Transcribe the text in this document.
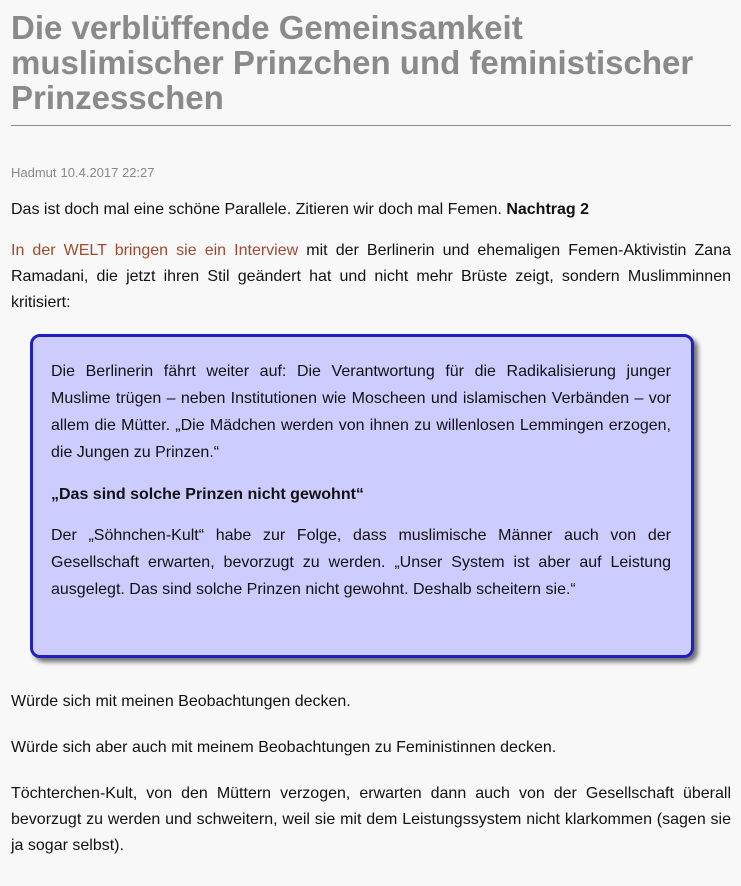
Die verblüffende Gemeinsamkeit muslimischer Prinzchen und feministischer Prinzesschen
Hadmut 10.4.2017 22:27

Das ist doch mal eine schöne Parallele. Zitieren wir doch mal Femen. Nachtrag 2

In der WELT bringen sie ein Interview mit der Berlinerin und ehemaligen Femen-Aktivistin Zana Ramadani, die jetzt ihren Stil geändert hat und nicht mehr Brüste zeigt, sondern Muslimminnen kritisiert:

Die Berlinerin fährt weiter auf: Die Verantwortung für die Radikalisierung junger Muslime trügen – neben Institutionen wie Moscheen und islamischen Verbänden – vor allem die Mütter. „Die Mädchen werden von ihnen zu willenlosen Lemmingen erzogen, die Jungen zu Prinzen.“

„Das sind solche Prinzen nicht gewohnt“

Der „Söhnchen-Kult“ habe zur Folge, dass muslimische Männer auch von der Gesellschaft erwarten, bevorzugt zu werden. „Unser System ist aber auf Leistung ausgelegt. Das sind solche Prinzen nicht gewohnt. Deshalb scheitern sie.“

Würde sich mit meinen Beobachtungen decken.

Würde sich aber auch mit meinem Beobachtungen zu Feministinnen decken.

Töchterchen-Kult, von den Müttern verzogen, erwarten dann auch von der Gesellschaft überall bevorzugt zu werden und schweitern, weil sie mit dem Leistungssystem nicht klarkommen (sagen sie ja sogar selbst).
